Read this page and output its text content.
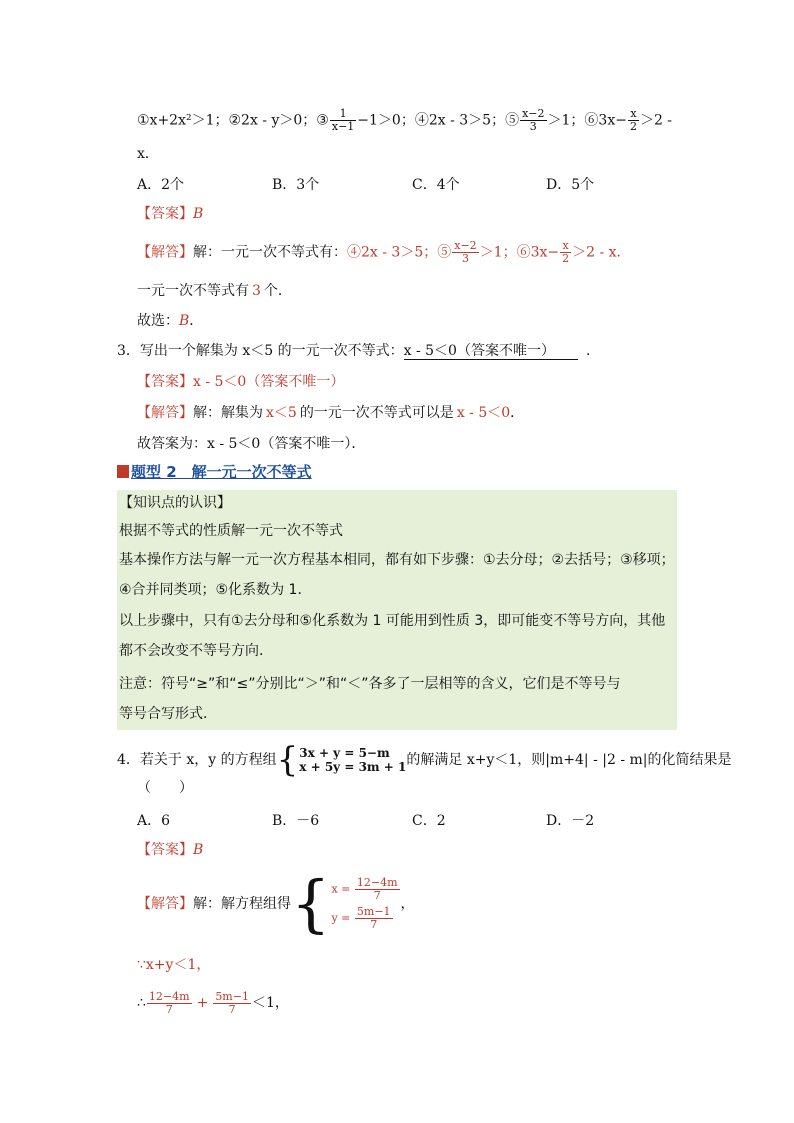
①x+2x²＞1；②2x - y＞0；③ $\frac{1}{x-1} -1>0$；④2x - 3＞5；⑤ $\frac{x-2}{3} >1$；⑥3x− $\frac{x}{2} >2$ -
x．
A．2个	B．3个	C．4个	D．5个
【答案】B
【解答】解：一元一次不等式有：④2x - 3＞5；⑤ $\frac{x-2}{3} >1$；⑥3x− $\frac{x}{2} >2 - x$．
一元一次不等式有 3 个．
故选：B．
3．写出一个解集为 x＜5 的一元一次不等式：x - 5＜0（答案不唯一）	．
【答案】x - 5＜0（答案不唯一）
【解答】解：解集为 x＜5 的一元一次不等式可以是 x - 5＜0．
故答案为：x - 5＜0（答案不唯一）．
题型 2　解一元一次不等式
【知识点的认识】
根据不等式的性质解一元一次不等式
基本操作方法与解一元一次方程基本相同，都有如下步骤：①去分母；②去括号；③移项；
④合并同类项；⑤化系数为 1．
以上步骤中，只有①去分母和⑤化系数为 1 可能用到性质 3，即可能变不等号方向，其他
都不会改变不等号方向．
注意：符号“≥”和“≤”分别比“＞”和“＜”各多了一层相等的含义，它们是不等号与
等号合写形式．
4．若关于 x，y 的方程组{ 3x + y = 5−m
x + 5y = 3m + 1 的解满足 x+y＜1，则|m+4| - |2 - m|的化简结果是
（　　）
A．6	B．－6	C．2	D．－2
【答案】B
【解答】解：解方程组得{ $x = \frac{12-4m}{7}$
$y = \frac{5m-1}{7}$
，
∵x+y＜1，
∴ $\frac{12-4m}{7} + \frac{5m-1}{7} <1$，
